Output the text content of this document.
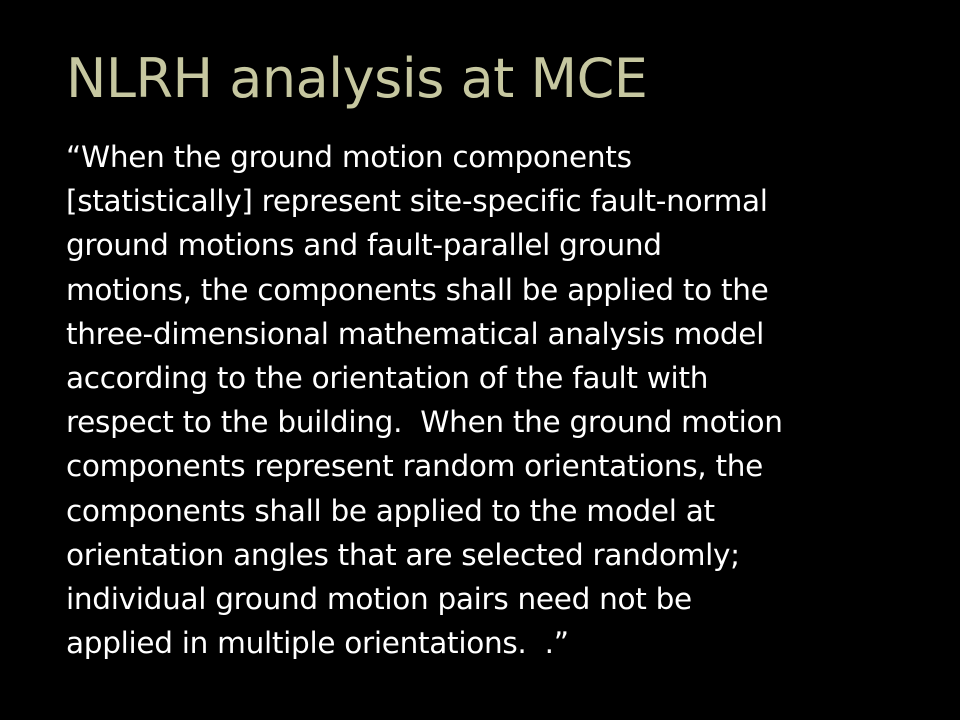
NLRH analysis at MCE
“When the ground motion components
[statistically] represent site-specific fault-normal
ground motions and fault-parallel ground
motions, the components shall be applied to the
three-dimensional mathematical analysis model
according to the orientation of the fault with
respect to the building.  When the ground motion
components represent random orientations, the
components shall be applied to the model at
orientation angles that are selected randomly;
individual ground motion pairs need not be
applied in multiple orientations.  .”
